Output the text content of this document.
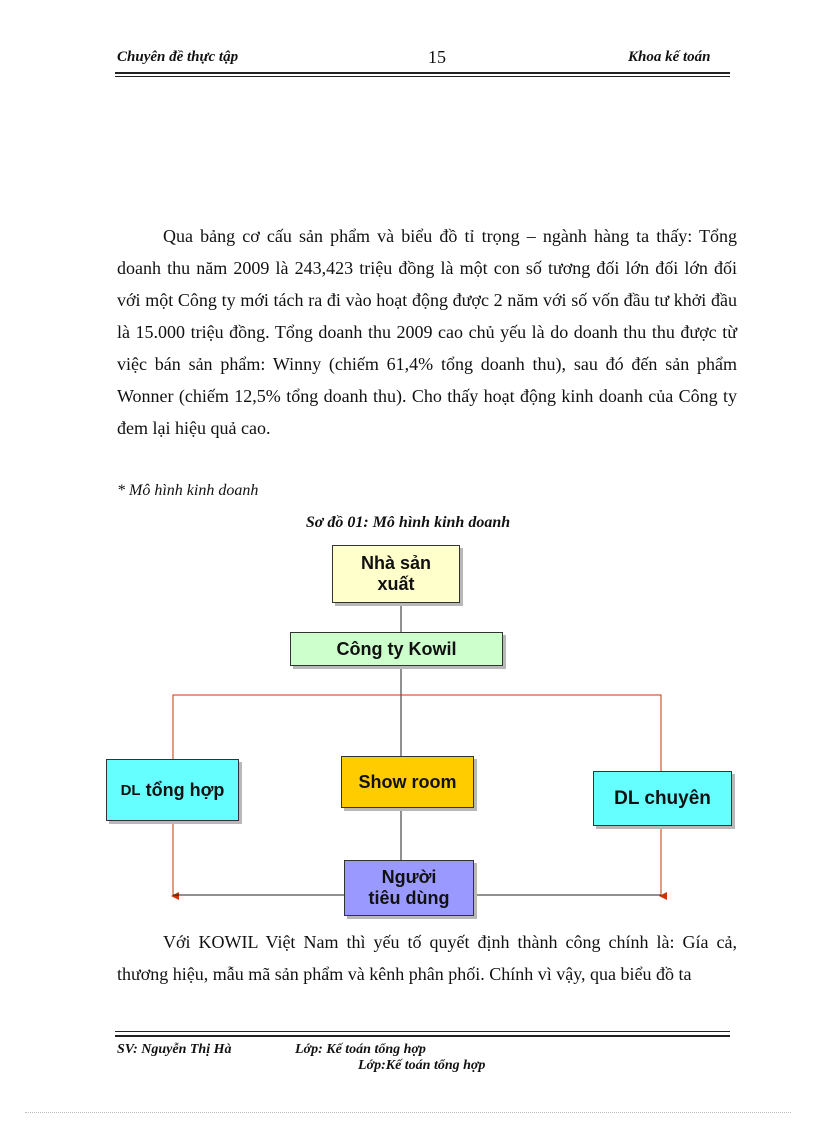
Chuyên đề thực tập	15	Khoa kế toán
Qua bảng cơ cấu sản phẩm và biểu đồ tỉ trọng – ngành hàng ta thấy: Tổng doanh thu năm 2009 là 243,423 triệu đồng là một con số tương đối lớn đối lớn đối với một Công ty mới tách ra đi vào hoạt động được 2 năm với số vốn đầu tư khởi đầu là 15.000 triệu đồng. Tổng doanh thu 2009 cao chủ yếu là do doanh thu thu được từ việc bán sản phẩm: Winny (chiếm 61,4% tổng doanh thu), sau đó đến sản phẩm Wonner (chiếm 12,5% tổng doanh thu). Cho thấy hoạt động kinh doanh của Công ty đem lại hiệu quả cao.
* Mô hình kinh doanh
Sơ đồ 01: Mô hình kinh doanh
Nhà sản xuất
Công ty Kowil
DL
tổng hợp	Show room
DL chuyên
Người tiêu dùng
Với KOWIL Việt Nam thì yếu tố quyết định thành công chính là: Gía cả, thương hiệu, mẫu mã sản phẩm và kênh phân phối. Chính vì vậy, qua biểu đồ ta
SV: Nguyễn Thị Hà	Lớp: Kế toán tổng hợp
Lớp:Kế toán tổng hợp
